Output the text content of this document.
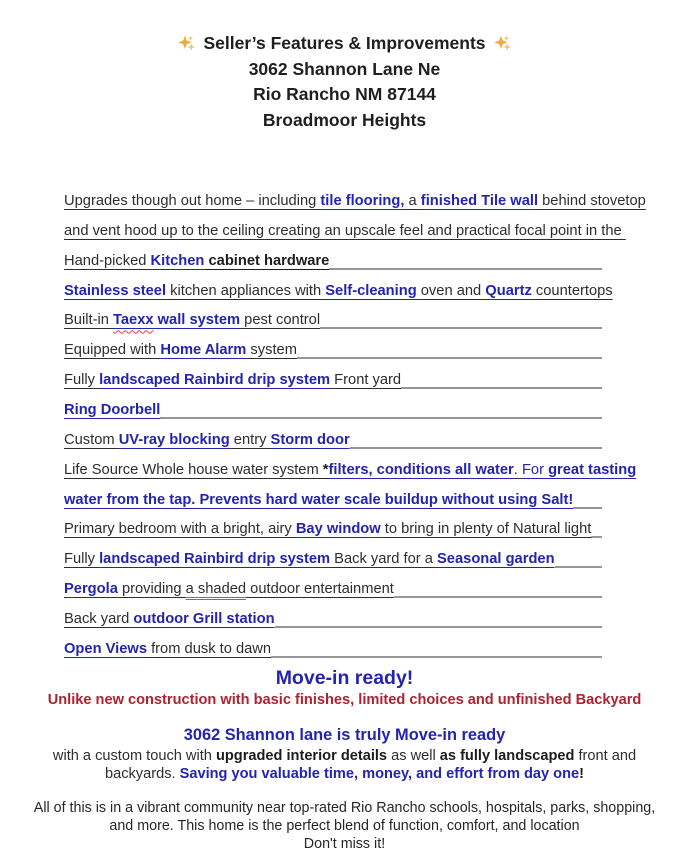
Seller’s Features & Improvements
3062 Shannon Lane Ne
Rio Rancho NM 87144
Broadmoor Heights
Upgrades though out home – including tile flooring, a finished Tile wall behind stovetop
and vent hood up to the ceiling creating an upscale feel and practical focal point in the
Hand-picked Kitchen cabinet hardware
Stainless steel kitchen appliances with Self-cleaning oven and Quartz countertops
Built-in Taexx wall system pest control
Equipped with Home Alarm system
Fully landscaped Rainbird drip system Front yard
Ring Doorbell
Custom UV-ray blocking entry Storm door
Life Source Whole house water system *filters, conditions all water. For great tasting
water from the tap. Prevents hard water scale buildup without using Salt!
Primary bedroom with a bright, airy Bay window to bring in plenty of Natural light
Fully landscaped Rainbird drip system Back yard for a Seasonal garden
Pergola providing a shaded outdoor entertainment
Back yard outdoor Grill station
Open Views from dusk to dawn
Move-in ready!
Unlike new construction with basic finishes, limited choices and unfinished Backyard
3062 Shannon lane is truly Move-in ready
with a custom touch with upgraded interior details as well as fully landscaped front and
backyards. Saving you valuable time, money, and effort from day one!
All of this is in a vibrant community near top-rated Rio Rancho schools, hospitals, parks, shopping,
and more. This home is the perfect blend of function, comfort, and location
Don't miss it!
